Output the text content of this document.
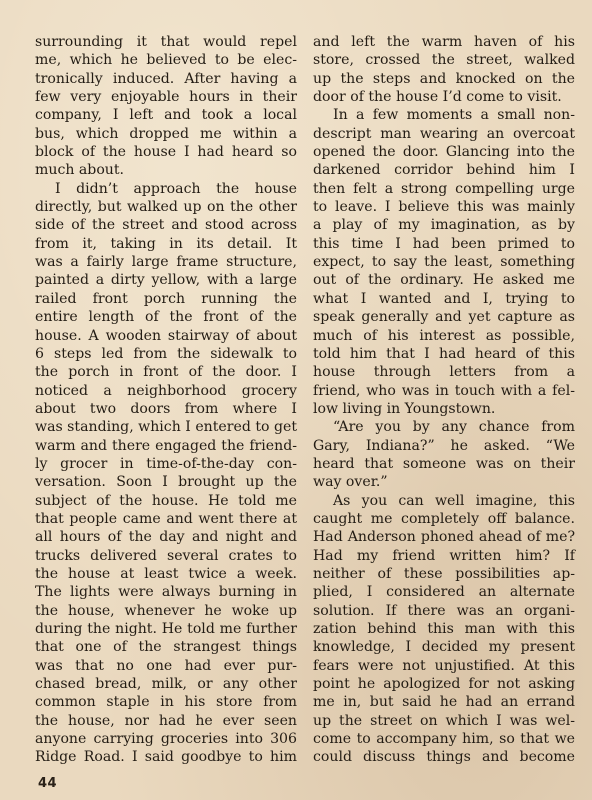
surrounding it that would repel
me, which he believed to be elec-
tronically induced. After having a
few very enjoyable hours in their
company, I left and took a local
bus, which dropped me within a
block of the house I had heard so
much about.
I didn’t approach the house
directly, but walked up on the other
side of the street and stood across
from it, taking in its detail. It
was a fairly large frame structure,
painted a dirty yellow, with a large
railed front porch running the
entire length of the front of the
house. A wooden stairway of about
6 steps led from the sidewalk to
the porch in front of the door. I
noticed a neighborhood grocery
about two doors from where I
was standing, which I entered to get
warm and there engaged the friend-
ly grocer in time-of-the-day con-
versation. Soon I brought up the
subject of the house. He told me
that people came and went there at
all hours of the day and night and
trucks delivered several crates to
the house at least twice a week.
The lights were always burning in
the house, whenever he woke up
during the night. He told me further
that one of the strangest things
was that no one had ever pur-
chased bread, milk, or any other
common staple in his store from
the house, nor had he ever seen
anyone carrying groceries into 306
Ridge Road. I said goodbye to him
and left the warm haven of his
store, crossed the street, walked
up the steps and knocked on the
door of the house I’d come to visit.
In a few moments a small non-
descript man wearing an overcoat
opened the door. Glancing into the
darkened corridor behind him I
then felt a strong compelling urge
to leave. I believe this was mainly
a play of my imagination, as by
this time I had been primed to
expect, to say the least, something
out of the ordinary. He asked me
what I wanted and I, trying to
speak generally and yet capture as
much of his interest as possible,
told him that I had heard of this
house through letters from a
friend, who was in touch with a fel-
low living in Youngstown.
“Are you by any chance from
Gary, Indiana?” he asked. “We
heard that someone was on their
way over.”
As you can well imagine, this
caught me completely off balance.
Had Anderson phoned ahead of me?
Had my friend written him? If
neither of these possibilities ap-
plied, I considered an alternate
solution. If there was an organi-
zation behind this man with this
knowledge, I decided my present
fears were not unjustified. At this
point he apologized for not asking
me in, but said he had an errand
up the street on which I was wel-
come to accompany him, so that we
could discuss things and become
44
